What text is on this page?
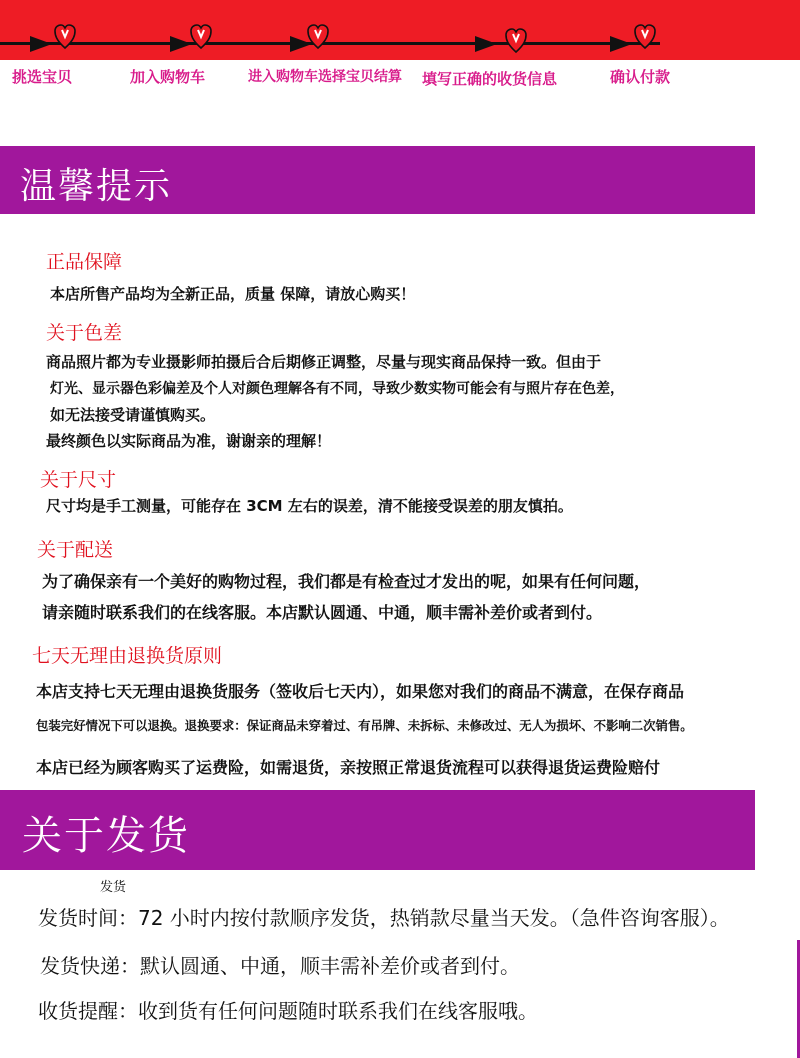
挑选宝贝	加入购物车	进入购物车选择宝贝结算 填写正确的收货信息	确认付款
温馨提示
正品保障
本店所售产品均为全新正品，质量 保障，请放心购买！
关于色差
商品照片都为专业摄影师拍摄后合后期修正调整，尽量与现实商品保持一致。但由于
灯光、显示器色彩偏差及个人对颜色理解各有不同，导致少数实物可能会有与照片存在色差，
如无法接受请谨慎购买。
最终颜色以实际商品为准，谢谢亲的理解！
关于尺寸
尺寸均是手工测量，可能存在 3CM 左右的误差，清不能接受误差的朋友慎拍。
关于配送
为了确保亲有一个美好的购物过程，我们都是有检查过才发出的呢，如果有任何问题，
请亲随时联系我们的在线客服。本店默认圆通、中通，顺丰需补差价或者到付。
七天无理由退换货原则
本店支持七天无理由退换货服务（签收后七天内），如果您对我们的商品不满意，在保存商品
包装完好情况下可以退换。退换要求：保证商品未穿着过、有吊牌、未拆标、未修改过、无人为损坏、不影响二次销售。
本店已经为顾客购买了运费险，如需退货，亲按照正常退货流程可以获得退货运费险赔付
关于发货
发货
发货时间：72 小时内按付款顺序发货，热销款尽量当天发。（急件咨询客服）。
发货快递：默认圆通、中通，顺丰需补差价或者到付。
收货提醒：收到货有任何问题随时联系我们在线客服哦。
